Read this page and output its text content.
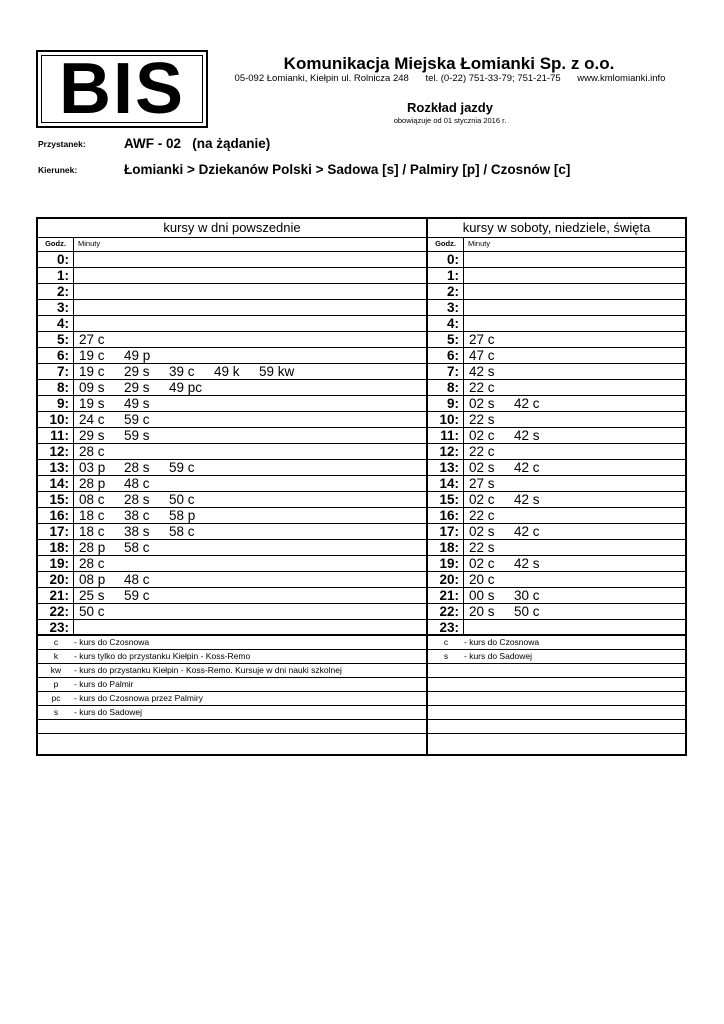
BIS	Komunikacja Miejska Łomianki Sp. z o.o.
05-092 Łomianki, Kiełpin ul. Rolnicza 248 tel. (0-22) 751-33-79; 751-21-75 www.kmlomianki.info
Rozkład jazdy
obowiązuje od 01 stycznia 2016 r.
Przystanek:	AWF - 02   (na żądanie)
Kierunek:	Łomianki > Dziekanów Polski > Sadowa [s] / Palmiry [p] / Czosnów [c]
kursy w dni powszednie
Godz.	Minuty
0:
1:
2:
3:
4:
5: 27 c
6: 19 c	49 p
7: 19 c	29 s	39 c	49 k	59 kw
8: 09 s	29 s	49 pc
9: 19 s	49 s
10: 24 c	59 c
11: 29 s	59 s
12: 28 c
13: 03 p	28 s	59 c
14: 28 p	48 c
15: 08 c	28 s	50 c
16: 18 c	38 c	58 p
17: 18 c	38 s	58 c
18: 28 p	58 c
19: 28 c
20: 08 p	48 c
21: 25 s	59 c
22: 50 c
23:
c	- kurs do Czosnowa
k	- kurs tylko do przystanku Kiełpin - Koss-Remo
kw	- kurs do przystanku Kiełpin - Koss-Remo. Kursuje w dni nauki szkolnej
p	- kurs do Palmir
pc	- kurs do Czosnowa przez Palmiry
s	- kurs do Sadowej
kursy w soboty, niedziele, święta
Godz.	Minuty
0:
1:
2:
3:
4:
5: 27 c
6: 47 c
7: 42 s
8: 22 c
9: 02 s	42 c
10: 22 s
11: 02 c	42 s
12: 22 c
13: 02 s	42 c
14: 27 s
15: 02 c	42 s
16: 22 c
17: 02 s	42 c
18: 22 s
19: 02 c	42 s
20: 20 c
21: 00 s	30 c
22: 20 s	50 c
23:
c	- kurs do Czosnowa
s	- kurs do Sadowej
